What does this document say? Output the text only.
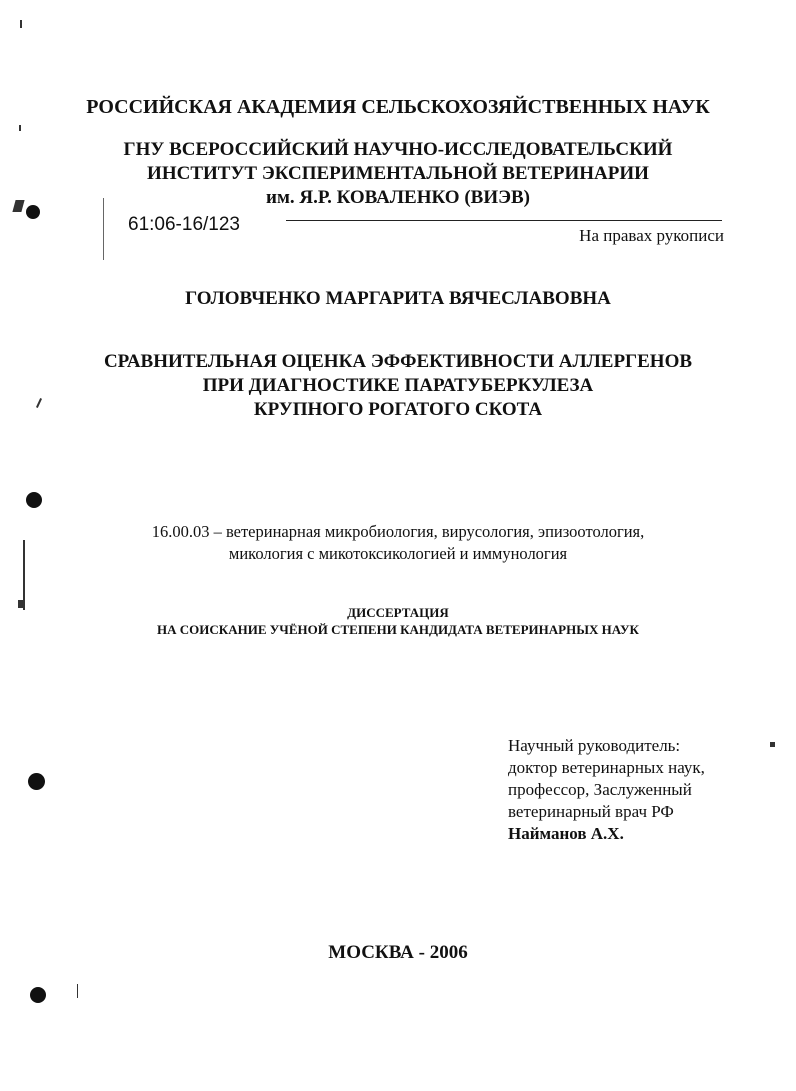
РОССИЙСКАЯ АКАДЕМИЯ СЕЛЬСКОХОЗЯЙСТВЕННЫХ НАУК
ГНУ ВСЕРОССИЙСКИЙ НАУЧНО-ИССЛЕДОВАТЕЛЬСКИЙ
ИНСТИТУТ ЭКСПЕРИМЕНТАЛЬНОЙ ВЕТЕРИНАРИИ
им. Я.Р. КОВАЛЕНКО (ВИЭВ)
61:06-16/123
На правах рукописи
ГОЛОВЧЕНКО МАРГАРИТА ВЯЧЕСЛАВОВНА
СРАВНИТЕЛЬНАЯ ОЦЕНКА ЭФФЕКТИВНОСТИ АЛЛЕРГЕНОВ
ПРИ ДИАГНОСТИКЕ ПАРАТУБЕРКУЛЕЗА
КРУПНОГО РОГАТОГО СКОТА
16.00.03 – ветеринарная микробиология, вирусология, эпизоотология,
микология с микотоксикологией и иммунология
ДИССЕРТАЦИЯ
НА СОИСКАНИЕ УЧЁНОЙ СТЕПЕНИ КАНДИДАТА ВЕТЕРИНАРНЫХ НАУК
Научный руководитель:
доктор ветеринарных наук,
профессор, Заслуженный
ветеринарный врач РФ
Найманов А.Х.
МОСКВА - 2006
